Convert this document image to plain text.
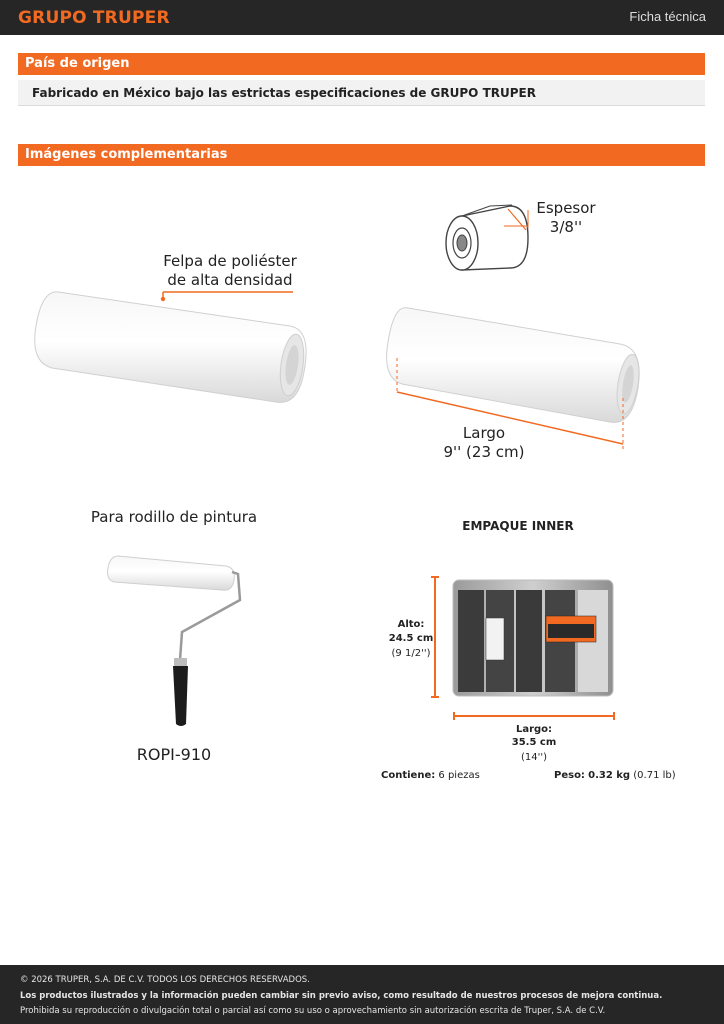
GRUPO TRUPER	Ficha técnica
País de origen
Fabricado en México bajo las estrictas especificaciones de GRUPO TRUPER
Imágenes complementarias
Felpa de poliéster
de alta densidad
Espesor
3/8''
Largo
9'' (23 cm)
Para rodillo de pintura
ROPI-910
EMPAQUE INNER
Alto:
24.5 cm
(9 1/2'')
Largo:
35.5 cm
(14'')
Contiene: 6 piezas	Peso: 0.32 kg (0.71 lb)
© 2026 TRUPER, S.A. DE C.V. TODOS LOS DERECHOS RESERVADOS.
Los productos ilustrados y la información pueden cambiar sin previo aviso, como resultado de nuestros procesos de mejora continua.
Prohibida su reproducción o divulgación total o parcial así como su uso o aprovechamiento sin autorización escrita de Truper, S.A. de C.V.
